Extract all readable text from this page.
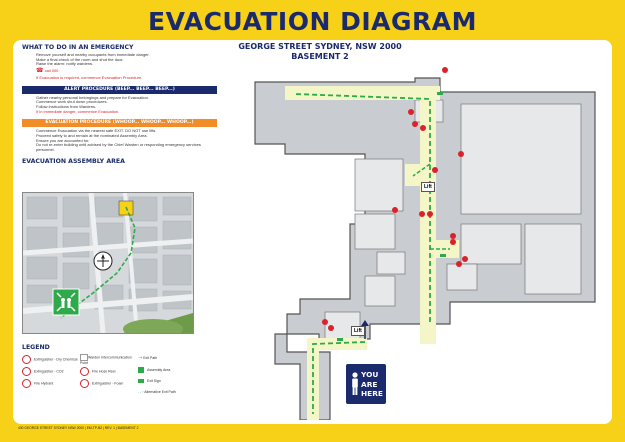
EVACUATION DIAGRAM
GEORGE STREET SYDNEY, NSW 2000
BASEMENT 2
WHAT TO DO IN AN EMERGENCY
Remove yourself and nearby occupants from immediate danger.
Make a final check of the room and shut the door.
Raise the alarm: notify wardens.
☎ call 000
If Evacuation is required, commence Evacuation Procedure.
ALERT PROCEDURE (BEEP... BEEP... BEEP...)
Gather nearby personal belongings and prepare for Evacuation.
Commence work shut down procedures.
Follow instructions from Wardens.
If in immediate danger, commence Evacuation.
EVACUATION PROCEDURE (WHOOP... WHOOP... WHOOP...)
Commence Evacuation via the nearest safe EXIT. DO NOT use lifts.
Proceed safely to and remain at the nominated Assembly Area.
Ensure you are accounted for.
Do not re-enter building until advised by the Chief Warden or responding emergency services personnel.
EVACUATION ASSEMBLY AREA
LEGEND
Extinguisher - Dry Chemical	Warden Intercommunication Point
⇢ Exit Path
Extinguisher - CO2	Fire Hose Reel	Assembly Area
Fire Hydrant	Extinguisher - Foam
Exit Sign
- - › Alternative Exit Path
Lift
Lift
YOU
ARE
HERE
430 GEORGE STREET SYDNEY NSW 2000 | EM-TP-B2 | REV. 1 | BASEMENT 2
